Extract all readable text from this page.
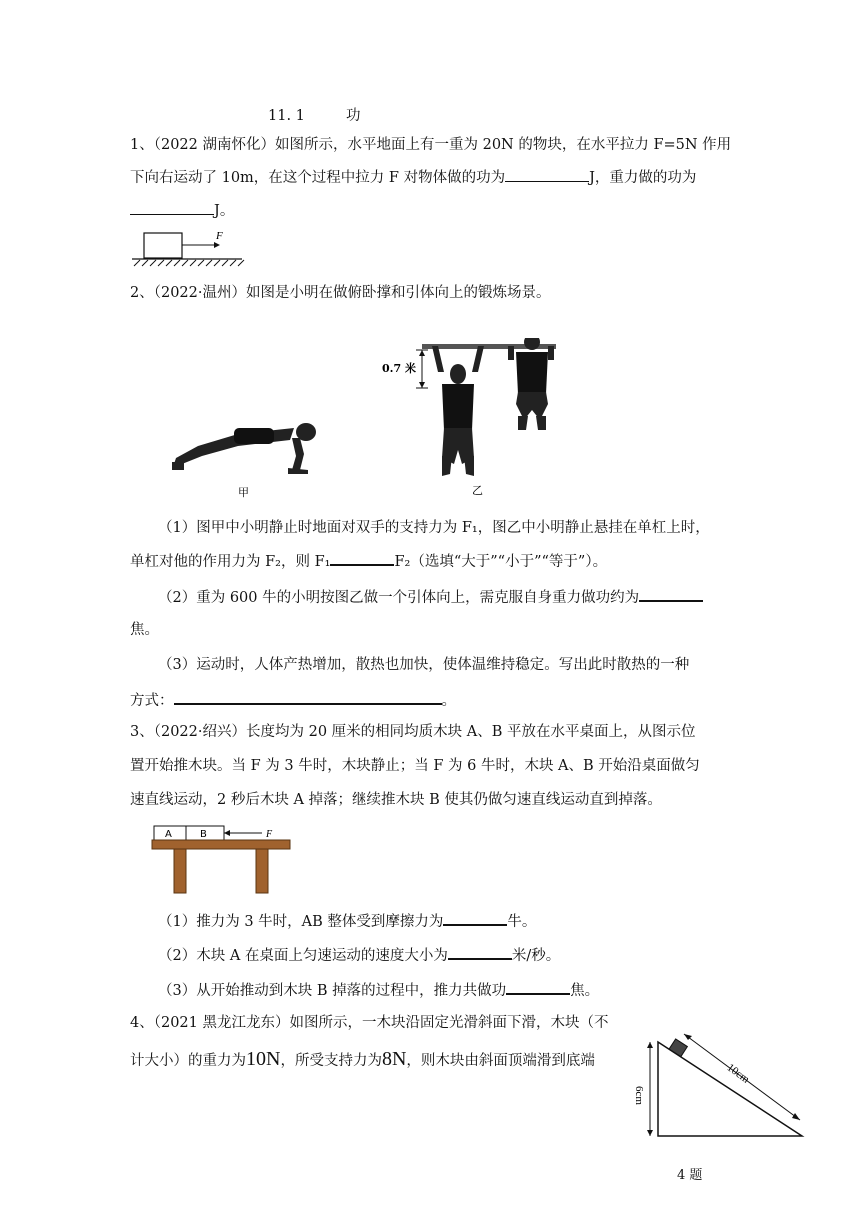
11. 1	功
1、（2022 湖南怀化）如图所示，水平地面上有一重为 20N 的物块，在水平拉力 F=5N 作用
下向右运动了 10m，在这个过程中拉力 F 对物体做的功为	J，重力做的功为
J。
F
2、（2022·温州）如图是小明在做俯卧撑和引体向上的锻炼场景。
甲
0.7 米
乙
（1）图甲中小明静止时地面对双手的支持力为 F₁，图乙中小明静止悬挂在单杠上时，
单杠对他的作用力为 F₂，则 F₁	F₂（选填“大于”“小于”“等于”）。
（2）重为 600 牛的小明按图乙做一个引体向上，需克服自身重力做功约为
焦。
（3）运动时，人体产热增加，散热也加快，使体温维持稳定。写出此时散热的一种
方式：	。
3、（2022·绍兴）长度均为 20 厘米的相同均质木块 A、B 平放在水平桌面上，从图示位
置开始推木块。当 F 为 3 牛时，木块静止；当 F 为 6 牛时，木块 A、B 开始沿桌面做匀
速直线运动，2 秒后木块 A 掉落；继续推木块 B 使其仍做匀速直线运动直到掉落。
A	B	F
（1）推力为 3 牛时，AB 整体受到摩擦力为	牛。
（2）木块 A 在桌面上匀速运动的速度大小为	米/秒。
（3）从开始推动到木块 B 掉落的过程中，推力共做功	焦。
4、（2021 黑龙江龙东）如图所示，一木块沿固定光滑斜面下滑，木块（不
计大小）的重力为10N，所受支持力为8N，则木块由斜面顶端滑到底端
6cm
10cm
4 题
